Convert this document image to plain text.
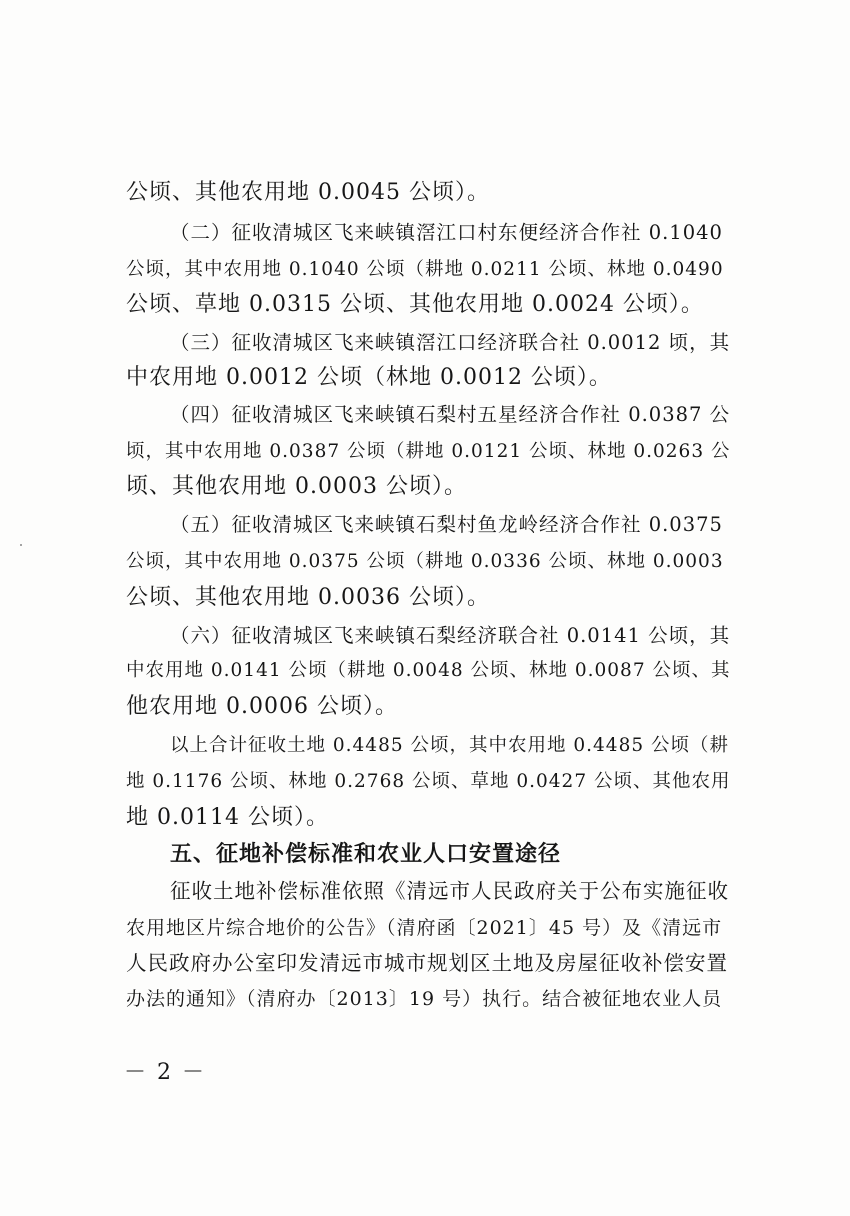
公顷、其他农用地 0.0045 公顷）。
（二）征收清城区飞来峡镇滘江口村东便经济合作社 0.1040
公顷，其中农用地 0.1040 公顷（耕地 0.0211 公顷、林地 0.0490
公顷、草地 0.0315 公顷、其他农用地 0.0024 公顷）。
（三）征收清城区飞来峡镇滘江口经济联合社 0.0012 顷，其
中农用地 0.0012 公顷（林地 0.0012 公顷）。
（四）征收清城区飞来峡镇石梨村五星经济合作社 0.0387 公
顷，其中农用地 0.0387 公顷（耕地 0.0121 公顷、林地 0.0263 公
顷、其他农用地 0.0003 公顷）。
（五）征收清城区飞来峡镇石梨村鱼龙岭经济合作社 0.0375
公顷，其中农用地 0.0375 公顷（耕地 0.0336 公顷、林地 0.0003
公顷、其他农用地 0.0036 公顷）。
（六）征收清城区飞来峡镇石梨经济联合社 0.0141 公顷，其
中农用地 0.0141 公顷（耕地 0.0048 公顷、林地 0.0087 公顷、其
他农用地 0.0006 公顷）。
以上合计征收土地 0.4485 公顷，其中农用地 0.4485 公顷（耕
地 0.1176 公顷、林地 0.2768 公顷、草地 0.0427 公顷、其他农用
地 0.0114 公顷）。
五、征地补偿标准和农业人口安置途径
征收土地补偿标准依照《清远市人民政府关于公布实施征收
农用地区片综合地价的公告》（清府函〔2021〕45 号）及《清远市
人民政府办公室印发清远市城市规划区土地及房屋征收补偿安置
办法的通知》（清府办〔2013〕19 号）执行。结合被征地农业人员
－ 2 －
